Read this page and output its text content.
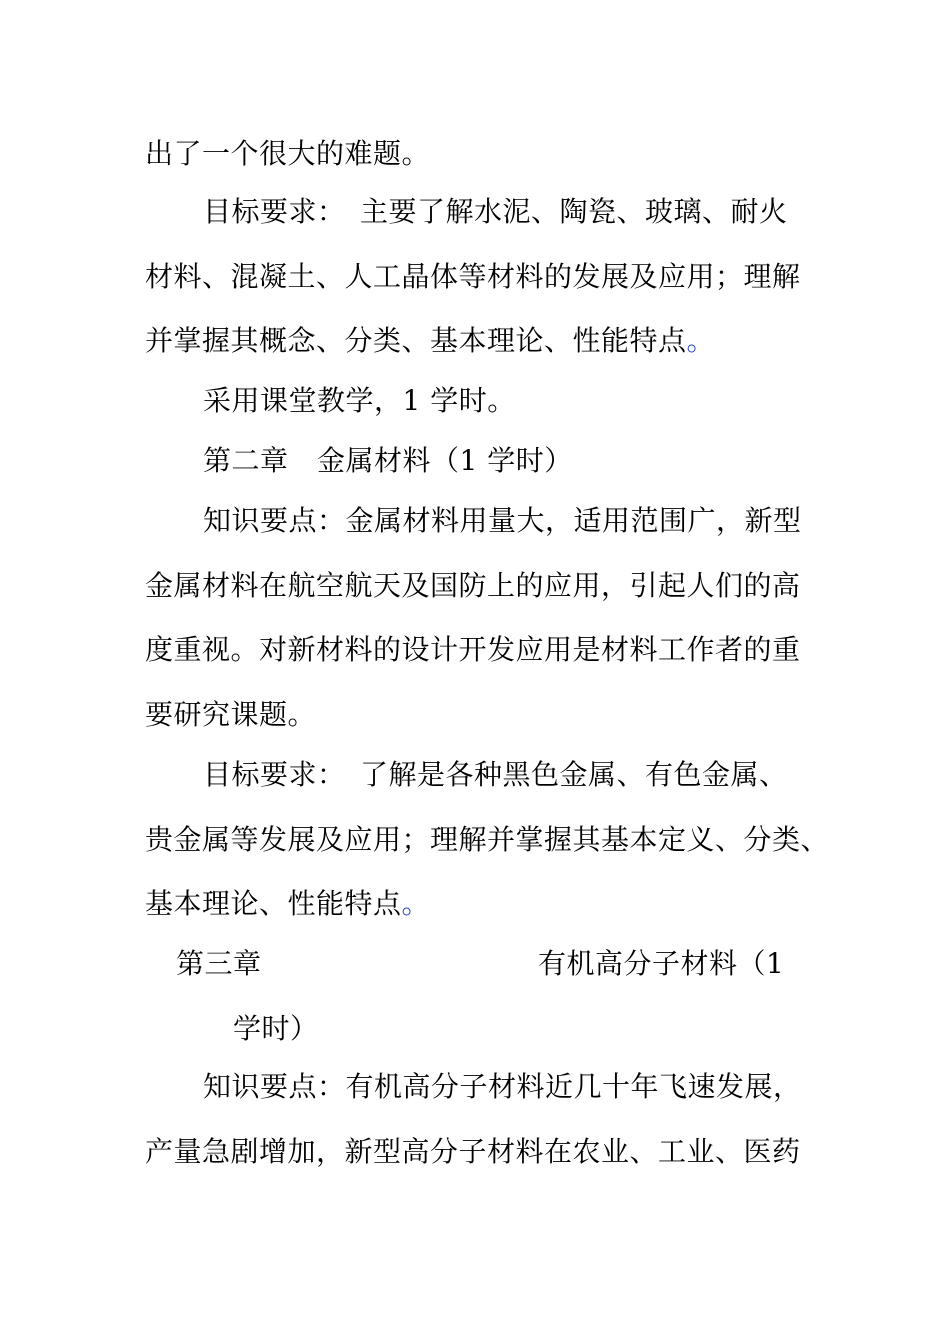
出了一个很大的难题。
目标要求：　主要了解水泥、陶瓷、玻璃、耐火
材料、混凝土、人工晶体等材料的发展及应用；理解
并掌握其概念、分类、基本理论、性能特点。
采用课堂教学，1 学时。
第二章　金属材料（1 学时）
知识要点：金属材料用量大，适用范围广，新型
金属材料在航空航天及国防上的应用，引起人们的高
度重视。对新材料的设计开发应用是材料工作者的重
要研究课题。
目标要求：　了解是各种黑色金属、有色金属、
贵金属等发展及应用；理解并掌握其基本定义、分类、
基本理论、性能特点。
第三章	有机高分子材料（1
学时）
知识要点：有机高分子材料近几十年飞速发展，
产量急剧增加，新型高分子材料在农业、工业、医药
